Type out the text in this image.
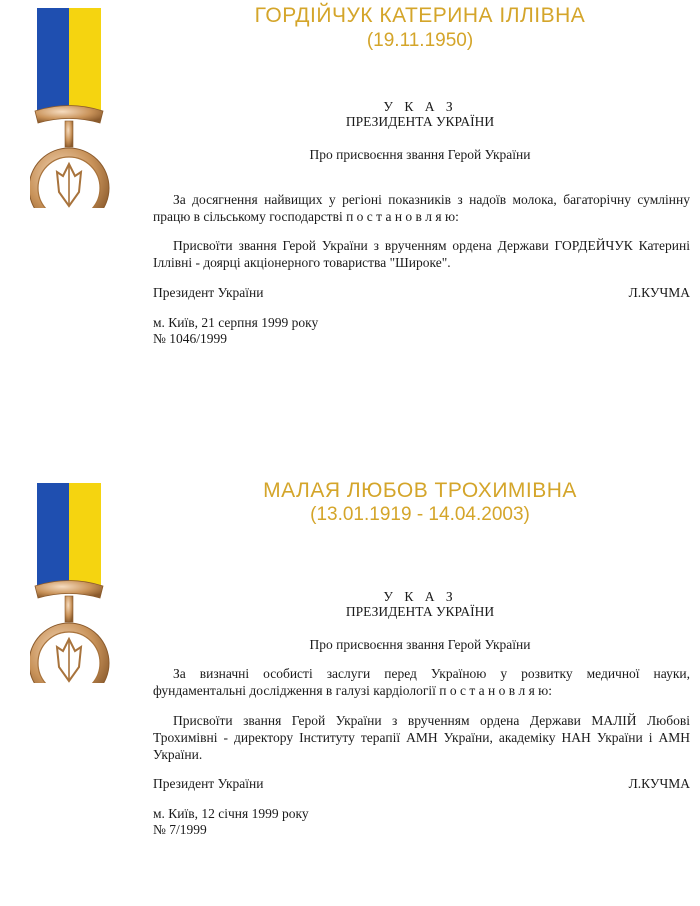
ГОРДІЙЧУК КАТЕРИНА ІЛЛІВНА
(19.11.1950)
У К А З
ПРЕЗИДЕНТА УКРАЇНИ
Про присвоєння звання Герой України
За досягнення найвищих у регіоні показників з надоїв молока, багаторічну сумлінну працю в сільському господарстві п о с т а н о в л я ю:
Присвоїти звання Герой України з врученням ордена Держави ГОРДЕЙЧУК Катерині Іллівні - доярці акціонерного товариства "Широке".
Президент України	Л.КУЧМА
м. Київ, 21 серпня 1999 року
№ 1046/1999
МАЛАЯ ЛЮБОВ ТРОХИМІВНА
(13.01.1919 - 14.04.2003)
У К А З
ПРЕЗИДЕНТА УКРАЇНИ
Про присвоєння звання Герой України
За визначні особисті заслуги перед Україною у розвитку медичної науки, фундаментальні дослідження в галузі кардіології п о с т а н о в л я ю:
Присвоїти звання Герой України з врученням ордена Держави МАЛІЙ Любові Трохимівні - директору Інституту терапії АМН України, академіку НАН України і АМН України.
Президент України	Л.КУЧМА
м. Київ, 12 січня 1999 року
№ 7/1999
